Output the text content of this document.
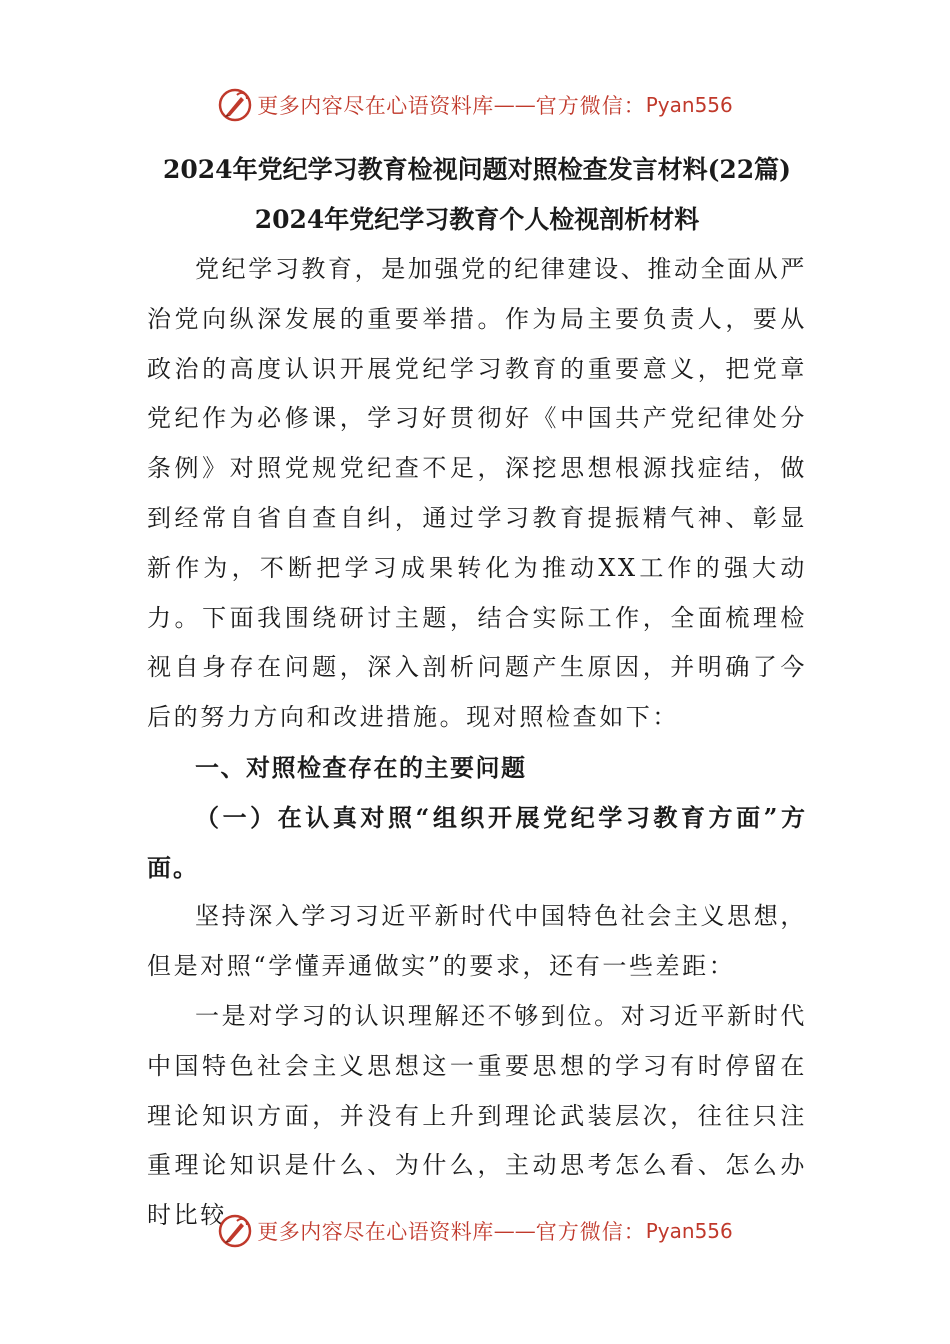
更多内容尽在心语资料库 —— 官方微信： Pyan556
2024年党纪学习教育检视问题对照检查发言材料(22篇)
2024年党纪学习教育个人检视剖析材料

党纪学习教育，是加强党的纪律建设、推动全面从严治党向纵深发展的重要举措。作为局主要负责人，要从政治的高度认识开展党纪学习教育的重要意义，把党章党纪作为必修课，学习好贯彻好《中国共产党纪律处分条例》对照党规党纪查不足，深挖思想根源找症结，做到经常自省自查自纠，通过学习教育提振精气神、彰显新作为，不断把学习成果转化为推动XX工作的强大动力。下面我围绕研讨主题，结合实际工作，全面梳理检视自身存在问题，深入剖析问题产生原因，并明确了今后的努力方向和改进措施。现对照检查如下：

一、对照检查存在的主要问题

（一）在认真对照“组织开展党纪学习教育方面”方面。

坚持深入学习习近平新时代中国特色社会主义思想，但是对照“学懂弄通做实”的要求，还有一些差距：

一是对学习的认识理解还不够到位。对习近平新时代中国特色社会主义思想这一重要思想的学习有时停留在理论知识方面，并没有上升到理论武装层次，往往只注重理论知识是什么、为什么，主动思考怎么看、怎么办时比较

更多内容尽在心语资料库 —— 官方微信： Pyan556
